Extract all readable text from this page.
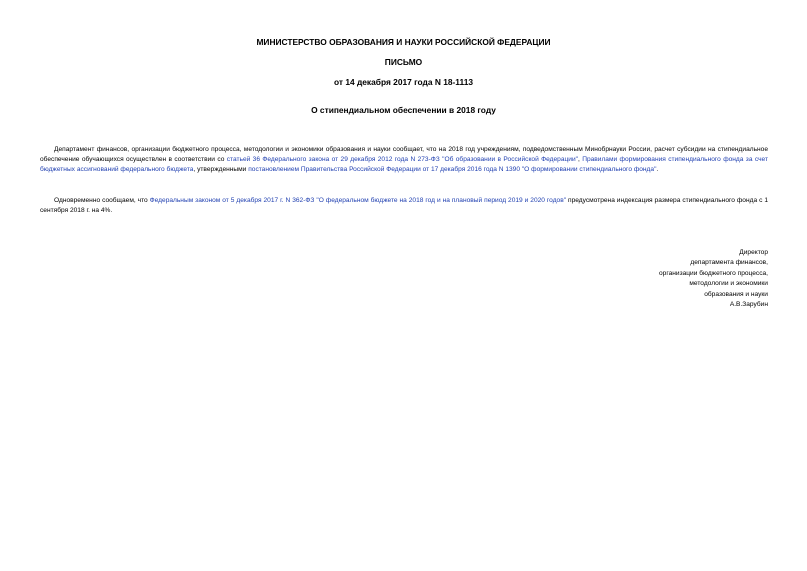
МИНИСТЕРСТВО ОБРАЗОВАНИЯ И НАУКИ РОССИЙСКОЙ ФЕДЕРАЦИИ
ПИСЬМО
от 14 декабря 2017 года N 18-1113
О стипендиальном обеспечении в 2018 году

Департамент финансов, организации бюджетного процесса, методологии и экономики образования и науки сообщает, что на 2018 год учреждениям, подведомственным Минобрнауки России, расчет субсидии на стипендиальное обеспечение обучающихся осуществлен в соответствии со статьей 36 Федерального закона от 29 декабря 2012 года N 273-ФЗ "Об образовании в Российской Федерации", Правилами формирования стипендиального фонда за счет бюджетных ассигнований федерального бюджета, утвержденными постановлением Правительства Российской Федерации от 17 декабря 2016 года N 1390 "О формировании стипендиального фонда".

Одновременно сообщаем, что Федеральным законом от 5 декабря 2017 г. N 362-ФЗ "О федеральном бюджете на 2018 год и на плановый период 2019 и 2020 годов" предусмотрена индексация размера стипендиального фонда с 1 сентября 2018 г. на 4%.

Директор
департамента финансов,
организации бюджетного процесса,
методологии и экономики
образования и науки
А.В.Зарубин
